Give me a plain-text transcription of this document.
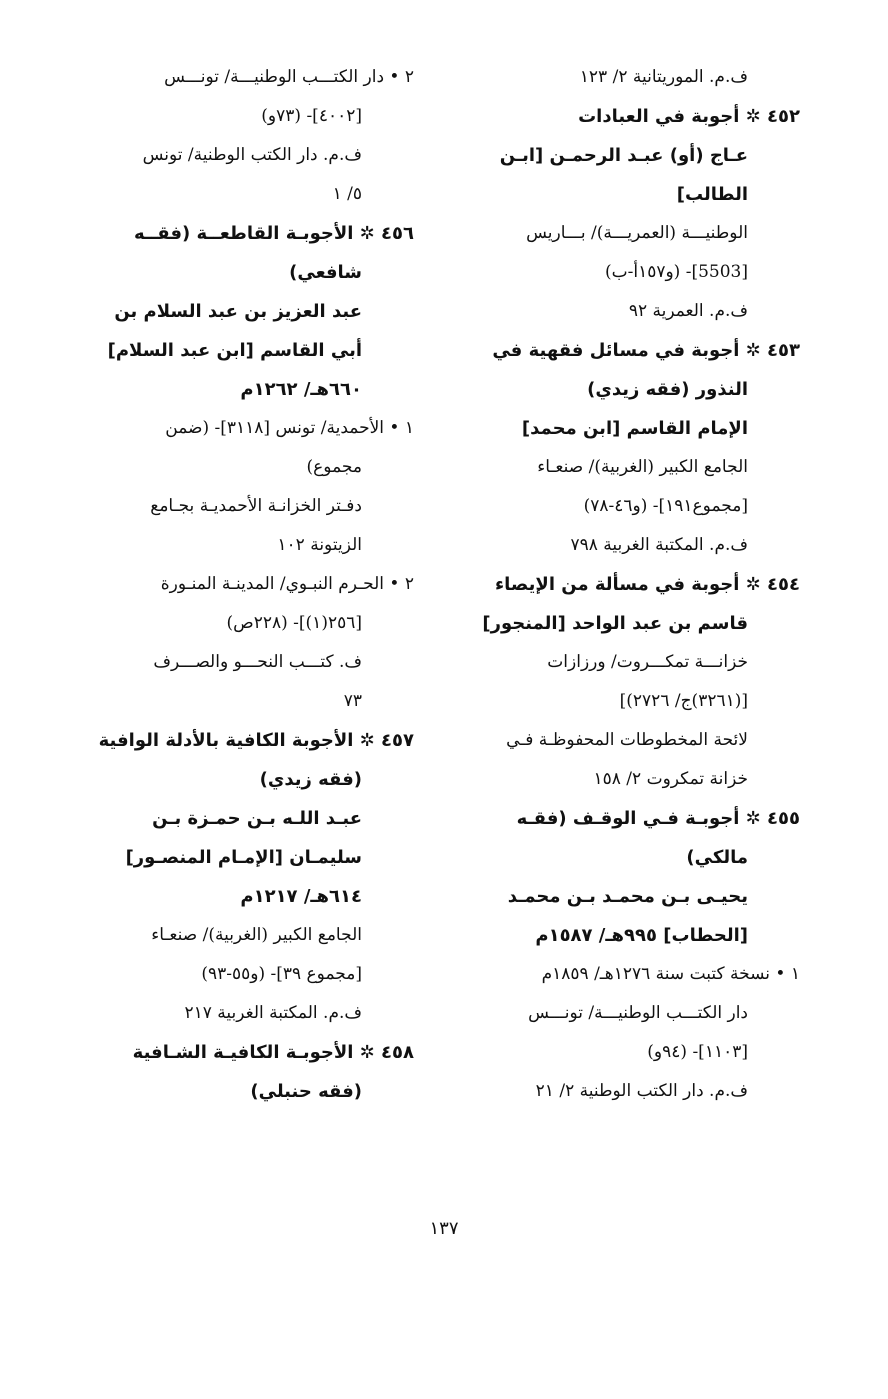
ف.م. الموريتانية ٢/ ١٢٣
٤٥٢ ✲ أجوبة في العبادات
عـاج (أو) عبـد الرحمـن [ابـن
الطالب]
الوطنيـــة (العمريـــة)/ بـــاريس
[5503]- (و١٥٧أ-ب)
ف.م. العمرية ٩٢
٤٥٣ ✲ أجوبة في مسائل فقهية في
النذور (فقه زيدي)
الإمام القاسم [ابن محمد]
الجامع الكبير (الغربية)/ صنعـاء
[مجموع١٩١]- (و٤٦-٧٨)
ف.م. المكتبة الغربية ٧٩٨
٤٥٤ ✲ أجوبة في مسألة من الإيصاء
قاسم بن عبد الواحد [المنجور]
خزانـــة تمكـــروت/ ورزازات
[(٣٢٦١)ج/ ٢٧٢٦)]
لائحة المخطوطات المحفوظـة فـي
خزانة تمكروت ٢/ ١٥٨
٤٥٥ ✲ أجوبـة فـي الوقـف (فقـه
مالكي)
يحيـى بـن محمـد بـن محمـد
[الحطاب] ٩٩٥هـ/ ١٥٨٧م
١ • نسخة كتبت سنة ١٢٧٦هـ/ ١٨٥٩م
دار الكتـــب الوطنيـــة/ تونـــس
[١١٠٣]- (٩٤و)
ف.م. دار الكتب الوطنية ٢/ ٢١
٢ • دار الكتـــب الوطنيـــة/ تونـــس
[٤٠٠٢]- (٧٣و)
ف.م. دار الكتب الوطنية/ تونس
٥/ ١
٤٥٦ ✲ الأجوبـة القاطعــة (فقــه
شافعي)
عبد العزيز بن عبد السلام بن
أبي القاسم [ابن عبد السلام]
٦٦٠هـ/ ١٢٦٢م
١ • الأحمدية/ تونس [٣١١٨]- (ضمن
مجموع)
دفـتر الخزانـة الأحمديـة بجـامع
الزيتونة ١٠٢
٢ • الحـرم النبـوي/ المدينـة المنـورة
[٢٥٦(١)]- (٢٢٨ص)
ف. كتـــب النحـــو والصـــرف
٧٣
٤٥٧ ✲ الأجوبة الكافية بالأدلة الوافية
(فقه زيدي)
عبـد اللـه بـن حمـزة بـن
سليمـان [الإمـام المنصـور]
٦١٤هـ/ ١٢١٧م
الجامع الكبير (الغربية)/ صنعـاء
[مجموع ٣٩]- (و٥٥-٩٣)
ف.م. المكتبة الغربية ٢١٧
٤٥٨ ✲ الأجوبـة الكافيـة الشـافية
(فقه حنبلي)
١٣٧
